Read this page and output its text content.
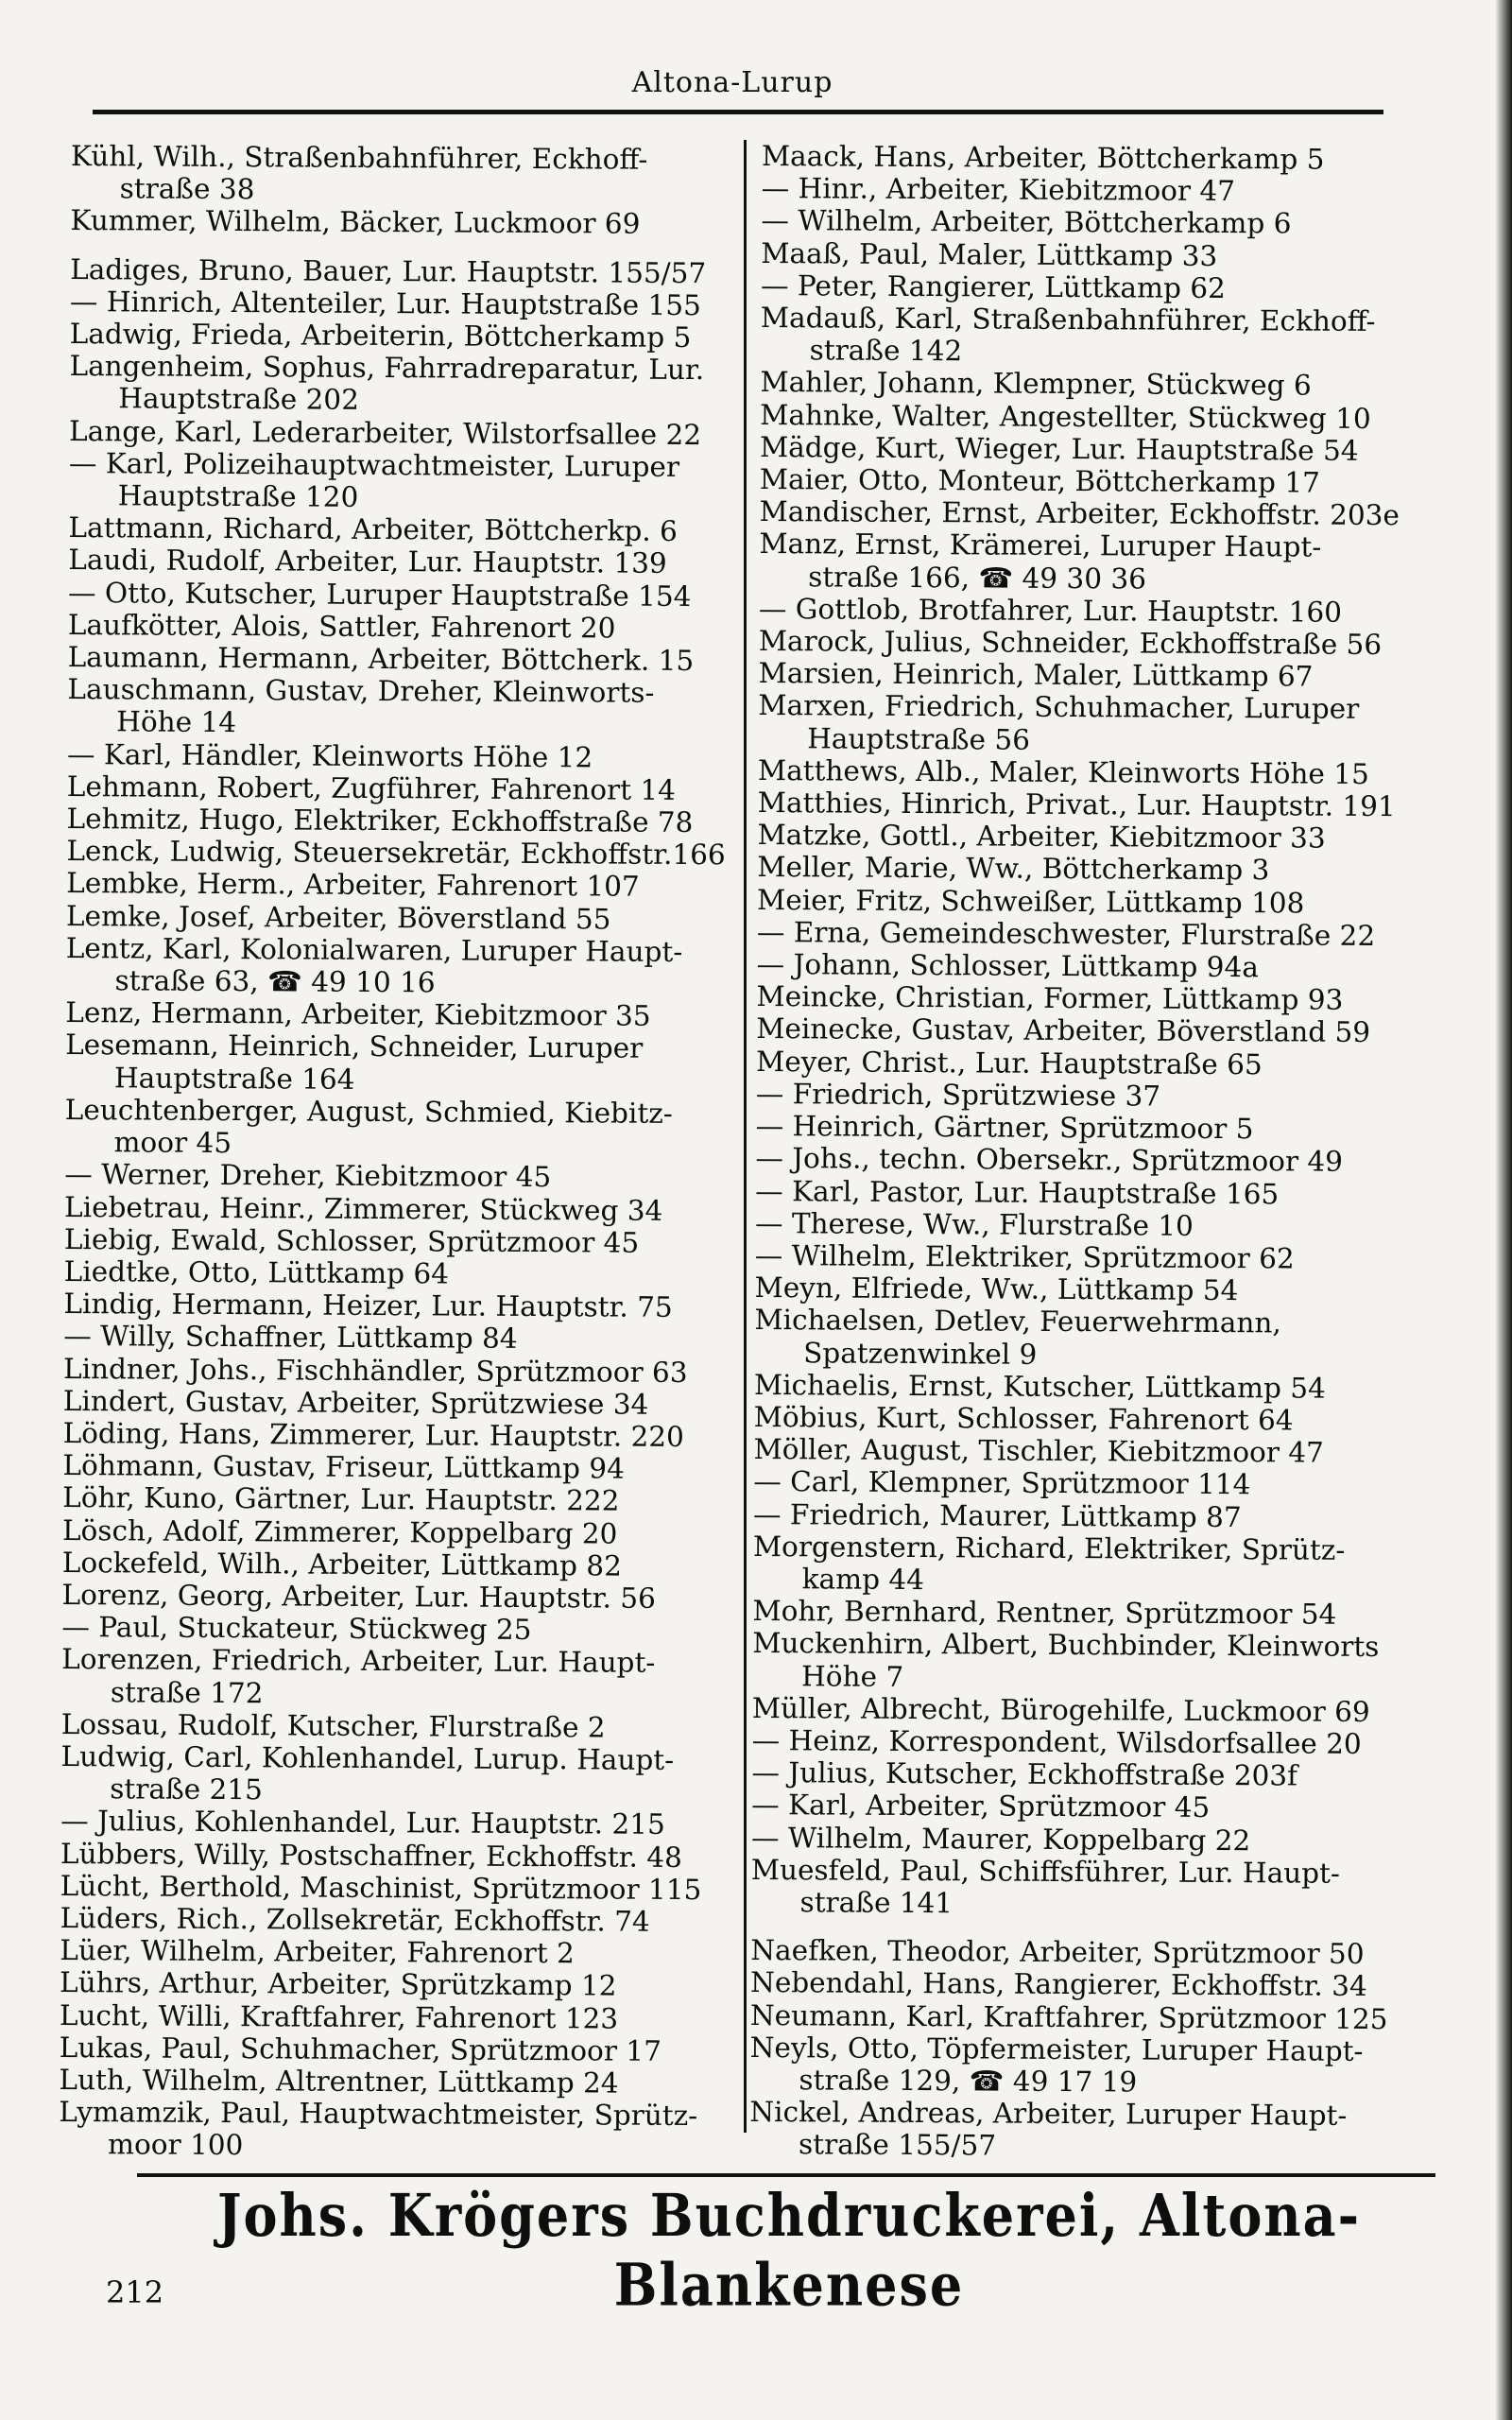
Altona-Lurup
Kühl, Wilh., Straßenbahnführer, Eckhoff-
straße 38
Kummer, Wilhelm, Bäcker, Luckmoor 69
Ladiges, Bruno, Bauer, Lur. Hauptstr. 155/57
— Hinrich, Altenteiler, Lur. Hauptstraße 155
Ladwig, Frieda, Arbeiterin, Böttcherkamp 5
Langenheim, Sophus, Fahrradreparatur, Lur.
Hauptstraße 202
Lange, Karl, Lederarbeiter, Wilstorfsallee 22
— Karl, Polizeihauptwachtmeister, Luruper
Hauptstraße 120
Lattmann, Richard, Arbeiter, Böttcherkp. 6
Laudi, Rudolf, Arbeiter, Lur. Hauptstr. 139
— Otto, Kutscher, Luruper Hauptstraße 154
Laufkötter, Alois, Sattler, Fahrenort 20
Laumann, Hermann, Arbeiter, Böttcherk. 15
Lauschmann, Gustav, Dreher, Kleinworts-
Höhe 14
— Karl, Händler, Kleinworts Höhe 12
Lehmann, Robert, Zugführer, Fahrenort 14
Lehmitz, Hugo, Elektriker, Eckhoffstraße 78
Lenck, Ludwig, Steuersekretär, Eckhoffstr.166
Lembke, Herm., Arbeiter, Fahrenort 107
Lemke, Josef, Arbeiter, Böverstland 55
Lentz, Karl, Kolonialwaren, Luruper Haupt-
straße 63, ☎ 49 10 16
Lenz, Hermann, Arbeiter, Kiebitzmoor 35
Lesemann, Heinrich, Schneider, Luruper
Hauptstraße 164
Leuchtenberger, August, Schmied, Kiebitz-
moor 45
— Werner, Dreher, Kiebitzmoor 45
Liebetrau, Heinr., Zimmerer, Stückweg 34
Liebig, Ewald, Schlosser, Sprützmoor 45
Liedtke, Otto, Lüttkamp 64
Lindig, Hermann, Heizer, Lur. Hauptstr. 75
— Willy, Schaffner, Lüttkamp 84
Lindner, Johs., Fischhändler, Sprützmoor 63
Lindert, Gustav, Arbeiter, Sprützwiese 34
Löding, Hans, Zimmerer, Lur. Hauptstr. 220
Löhmann, Gustav, Friseur, Lüttkamp 94
Löhr, Kuno, Gärtner, Lur. Hauptstr. 222
Lösch, Adolf, Zimmerer, Koppelbarg 20
Lockefeld, Wilh., Arbeiter, Lüttkamp 82
Lorenz, Georg, Arbeiter, Lur. Hauptstr. 56
— Paul, Stuckateur, Stückweg 25
Lorenzen, Friedrich, Arbeiter, Lur. Haupt-
straße 172
Lossau, Rudolf, Kutscher, Flurstraße 2
Ludwig, Carl, Kohlenhandel, Lurup. Haupt-
straße 215
— Julius, Kohlenhandel, Lur. Hauptstr. 215
Lübbers, Willy, Postschaffner, Eckhoffstr. 48
Lücht, Berthold, Maschinist, Sprützmoor 115
Lüders, Rich., Zollsekretär, Eckhoffstr. 74
Lüer, Wilhelm, Arbeiter, Fahrenort 2
Lührs, Arthur, Arbeiter, Sprützkamp 12
Lucht, Willi, Kraftfahrer, Fahrenort 123
Lukas, Paul, Schuhmacher, Sprützmoor 17
Luth, Wilhelm, Altrentner, Lüttkamp 24
Lymamzik, Paul, Hauptwachtmeister, Sprütz-
moor 100
Maack, Hans, Arbeiter, Böttcherkamp 5
— Hinr., Arbeiter, Kiebitzmoor 47
— Wilhelm, Arbeiter, Böttcherkamp 6
Maaß, Paul, Maler, Lüttkamp 33
— Peter, Rangierer, Lüttkamp 62
Madauß, Karl, Straßenbahnführer, Eckhoff-
straße 142
Mahler, Johann, Klempner, Stückweg 6
Mahnke, Walter, Angestellter, Stückweg 10
Mädge, Kurt, Wieger, Lur. Hauptstraße 54
Maier, Otto, Monteur, Böttcherkamp 17
Mandischer, Ernst, Arbeiter, Eckhoffstr. 203e
Manz, Ernst, Krämerei, Luruper Haupt-
straße 166, ☎ 49 30 36
— Gottlob, Brotfahrer, Lur. Hauptstr. 160
Marock, Julius, Schneider, Eckhoffstraße 56
Marsien, Heinrich, Maler, Lüttkamp 67
Marxen, Friedrich, Schuhmacher, Luruper
Hauptstraße 56
Matthews, Alb., Maler, Kleinworts Höhe 15
Matthies, Hinrich, Privat., Lur. Hauptstr. 191
Matzke, Gottl., Arbeiter, Kiebitzmoor 33
Meller, Marie, Ww., Böttcherkamp 3
Meier, Fritz, Schweißer, Lüttkamp 108
— Erna, Gemeindeschwester, Flurstraße 22
— Johann, Schlosser, Lüttkamp 94a
Meincke, Christian, Former, Lüttkamp 93
Meinecke, Gustav, Arbeiter, Böverstland 59
Meyer, Christ., Lur. Hauptstraße 65
— Friedrich, Sprützwiese 37
— Heinrich, Gärtner, Sprützmoor 5
— Johs., techn. Obersekr., Sprützmoor 49
— Karl, Pastor, Lur. Hauptstraße 165
— Therese, Ww., Flurstraße 10
— Wilhelm, Elektriker, Sprützmoor 62
Meyn, Elfriede, Ww., Lüttkamp 54
Michaelsen, Detlev, Feuerwehrmann,
Spatzenwinkel 9
Michaelis, Ernst, Kutscher, Lüttkamp 54
Möbius, Kurt, Schlosser, Fahrenort 64
Möller, August, Tischler, Kiebitzmoor 47
— Carl, Klempner, Sprützmoor 114
— Friedrich, Maurer, Lüttkamp 87
Morgenstern, Richard, Elektriker, Sprütz-
kamp 44
Mohr, Bernhard, Rentner, Sprützmoor 54
Muckenhirn, Albert, Buchbinder, Kleinworts
Höhe 7
Müller, Albrecht, Bürogehilfe, Luckmoor 69
— Heinz, Korrespondent, Wilsdorfsallee 20
— Julius, Kutscher, Eckhoffstraße 203f
— Karl, Arbeiter, Sprützmoor 45
— Wilhelm, Maurer, Koppelbarg 22
Muesfeld, Paul, Schiffsführer, Lur. Haupt-
straße 141
Naefken, Theodor, Arbeiter, Sprützmoor 50
Nebendahl, Hans, Rangierer, Eckhoffstr. 34
Neumann, Karl, Kraftfahrer, Sprützmoor 125
Neyls, Otto, Töpfermeister, Luruper Haupt-
straße 129, ☎ 49 17 19
Nickel, Andreas, Arbeiter, Luruper Haupt-
straße 155/57
Johs. Krögers Buchdruckerei, Altona-Blankenese
212
